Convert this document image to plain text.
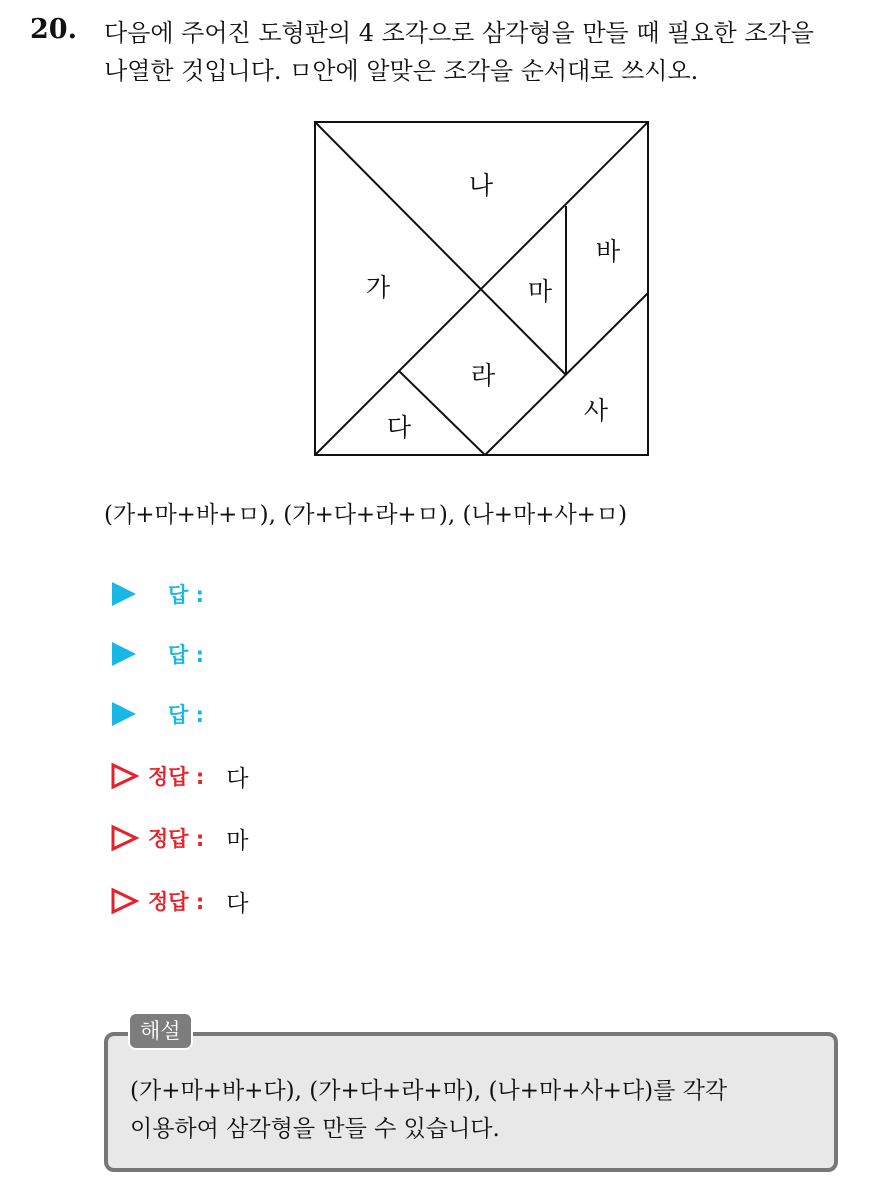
20. 다음에 주어진 도형판의 4 조각으로 삼각형을 만들 때 필요한 조각을

나열한 것입니다. ㅁ안에 알맞은 조각을 순서대로 쓰시오.

나
가	마
바
라
다
사
(가+마+바+ㅁ), (가+다+라+ㅁ), (나+마+사+ㅁ)
답 :
답 :
답 :
정답 : 다
정답 : 마
정답 : 다

(가+마+바+다), (가+다+라+마), (나+마+사+다)를 각각

이용하여 삼각형을 만들 수 있습니다.

해설
